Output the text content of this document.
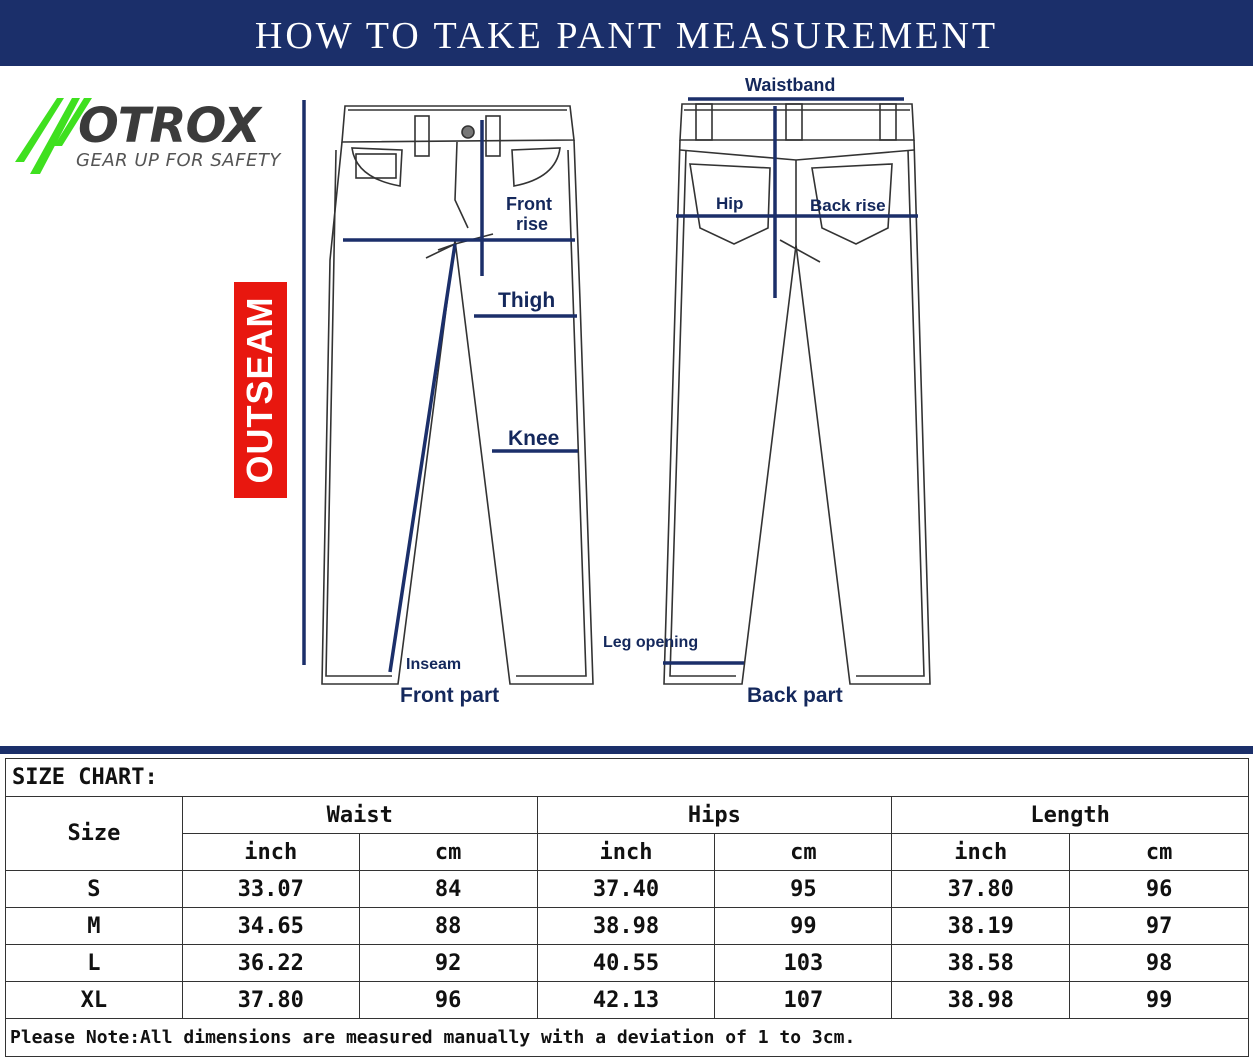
HOW TO TAKE PANT MEASUREMENT
OTROX
GEAR UP FOR SAFETY
OUTSEAM
Waistband
Front
rise
Hip	Back rise
Thigh
Knee
Inseam
Leg opening
Front part	Back part
SIZE CHART:						
Size	Waist		Hips		Length	
	inch	cm	inch	cm	inch	cm
S	33.07	84	37.40	95	37.80	96
M	34.65	88	38.98	99	38.19	97
L	36.22	92	40.55	103	38.58	98
XL	37.80	96	42.13	107	38.98	99
Please Note:All dimensions are measured manually with a deviation of 1 to 3cm.						
